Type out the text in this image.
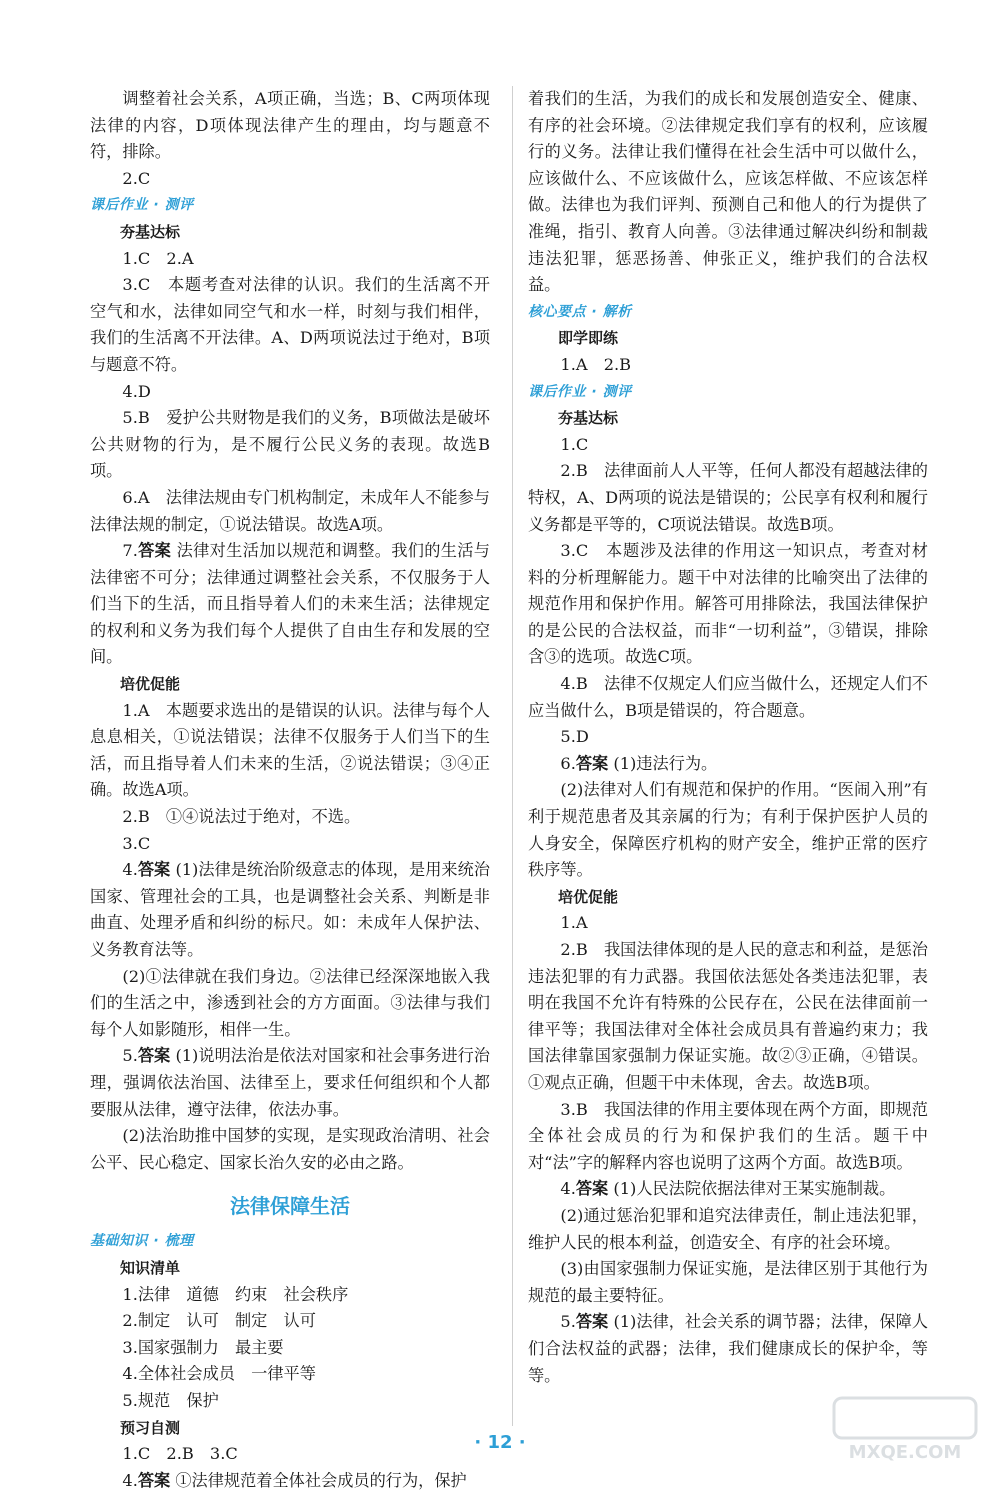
调整着社会关系，A项正确，当选；B、C两项体现法律的内容，D项体现法律产生的理由，均与题意不符，排除。

2.C

课后作业 · 测评

夯基达标

1.C　2.A

3.C　本题考查对法律的认识。我们的生活离不开空气和水，法律如同空气和水一样，时刻与我们相伴，我们的生活离不开法律。A、D两项说法过于绝对，B项与题意不符。

4.D

5.B　爱护公共财物是我们的义务，B项做法是破坏公共财物的行为，是不履行公民义务的表现。故选B项。

6.A　法律法规由专门机构制定，未成年人不能参与法律法规的制定，①说法错误。故选A项。

7.答案 法律对生活加以规范和调整。我们的生活与法律密不可分；法律通过调整社会关系，不仅服务于人们当下的生活，而且指导着人们的未来生活；法律规定的权利和义务为我们每个人提供了自由生存和发展的空间。

培优促能

1.A　本题要求选出的是错误的认识。法律与每个人息息相关，①说法错误；法律不仅服务于人们当下的生活，而且指导着人们未来的生活，②说法错误；③④正确。故选A项。

2.B　①④说法过于绝对，不选。

3.C

4.答案 (1)法律是统治阶级意志的体现，是用来统治国家、管理社会的工具，也是调整社会关系、判断是非曲直、处理矛盾和纠纷的标尺。如：未成年人保护法、义务教育法等。

(2)①法律就在我们身边。②法律已经深深地嵌入我们的生活之中，渗透到社会的方方面面。③法律与我们每个人如影随形，相伴一生。

5.答案 (1)说明法治是依法对国家和社会事务进行治理，强调依法治国、法律至上，要求任何组织和个人都要服从法律，遵守法律，依法办事。

(2)法治助推中国梦的实现，是实现政治清明、社会公平、民心稳定、国家长治久安的必由之路。

法律保障生活

基础知识 · 梳理

知识清单

1.法律　道德　约束　社会秩序

2.制定　认可　制定　认可

3.国家强制力　最主要

4.全体社会成员　一律平等

5.规范　保护

预习自测

1.C　2.B　3.C

4.答案 ①法律规范着全体社会成员的行为，保护

着我们的生活，为我们的成长和发展创造安全、健康、有序的社会环境。②法律规定我们享有的权利，应该履行的义务。法律让我们懂得在社会生活中可以做什么，应该做什么、不应该做什么，应该怎样做、不应该怎样做。法律也为我们评判、预测自己和他人的行为提供了准绳，指引、教育人向善。③法律通过解决纠纷和制裁违法犯罪，惩恶扬善、伸张正义，维护我们的合法权益。

核心要点 · 解析

即学即练

1.A　2.B

课后作业 · 测评

夯基达标

1.C

2.B　法律面前人人平等，任何人都没有超越法律的特权，A、D两项的说法是错误的；公民享有权利和履行义务都是平等的，C项说法错误。故选B项。

3.C　本题涉及法律的作用这一知识点，考查对材料的分析理解能力。题干中对法律的比喻突出了法律的规范作用和保护作用。解答可用排除法，我国法律保护的是公民的合法权益，而非“一切利益”，③错误，排除含③的选项。故选C项。

4.B　法律不仅规定人们应当做什么，还规定人们不应当做什么，B项是错误的，符合题意。

5.D

6.答案 (1)违法行为。

(2)法律对人们有规范和保护的作用。“医闹入刑”有利于规范患者及其亲属的行为；有利于保护医护人员的人身安全，保障医疗机构的财产安全，维护正常的医疗秩序等。

培优促能

1.A

2.B　我国法律体现的是人民的意志和利益，是惩治违法犯罪的有力武器。我国依法惩处各类违法犯罪，表明在我国不允许有特殊的公民存在，公民在法律面前一律平等；我国法律对全体社会成员具有普遍约束力；我国法律靠国家强制力保证实施。故②③正确，④错误。①观点正确，但题干中未体现，舍去。故选B项。

3.B　我国法律的作用主要体现在两个方面，即规范全体社会成员的行为和保护我们的生活。题干中对“法”字的解释内容也说明了这两个方面。故选B项。

4.答案 (1)人民法院依据法律对王某实施制裁。

(2)通过惩治犯罪和追究法律责任，制止违法犯罪，维护人民的根本利益，创造安全、有序的社会环境。

(3)由国家强制力保证实施，是法律区别于其他行为规范的最主要特征。

5.答案 (1)法律，社会关系的调节器；法律，保障人们合法权益的武器；法律，我们健康成长的保护伞，等等。

· 12 ·	MXQE.COM
